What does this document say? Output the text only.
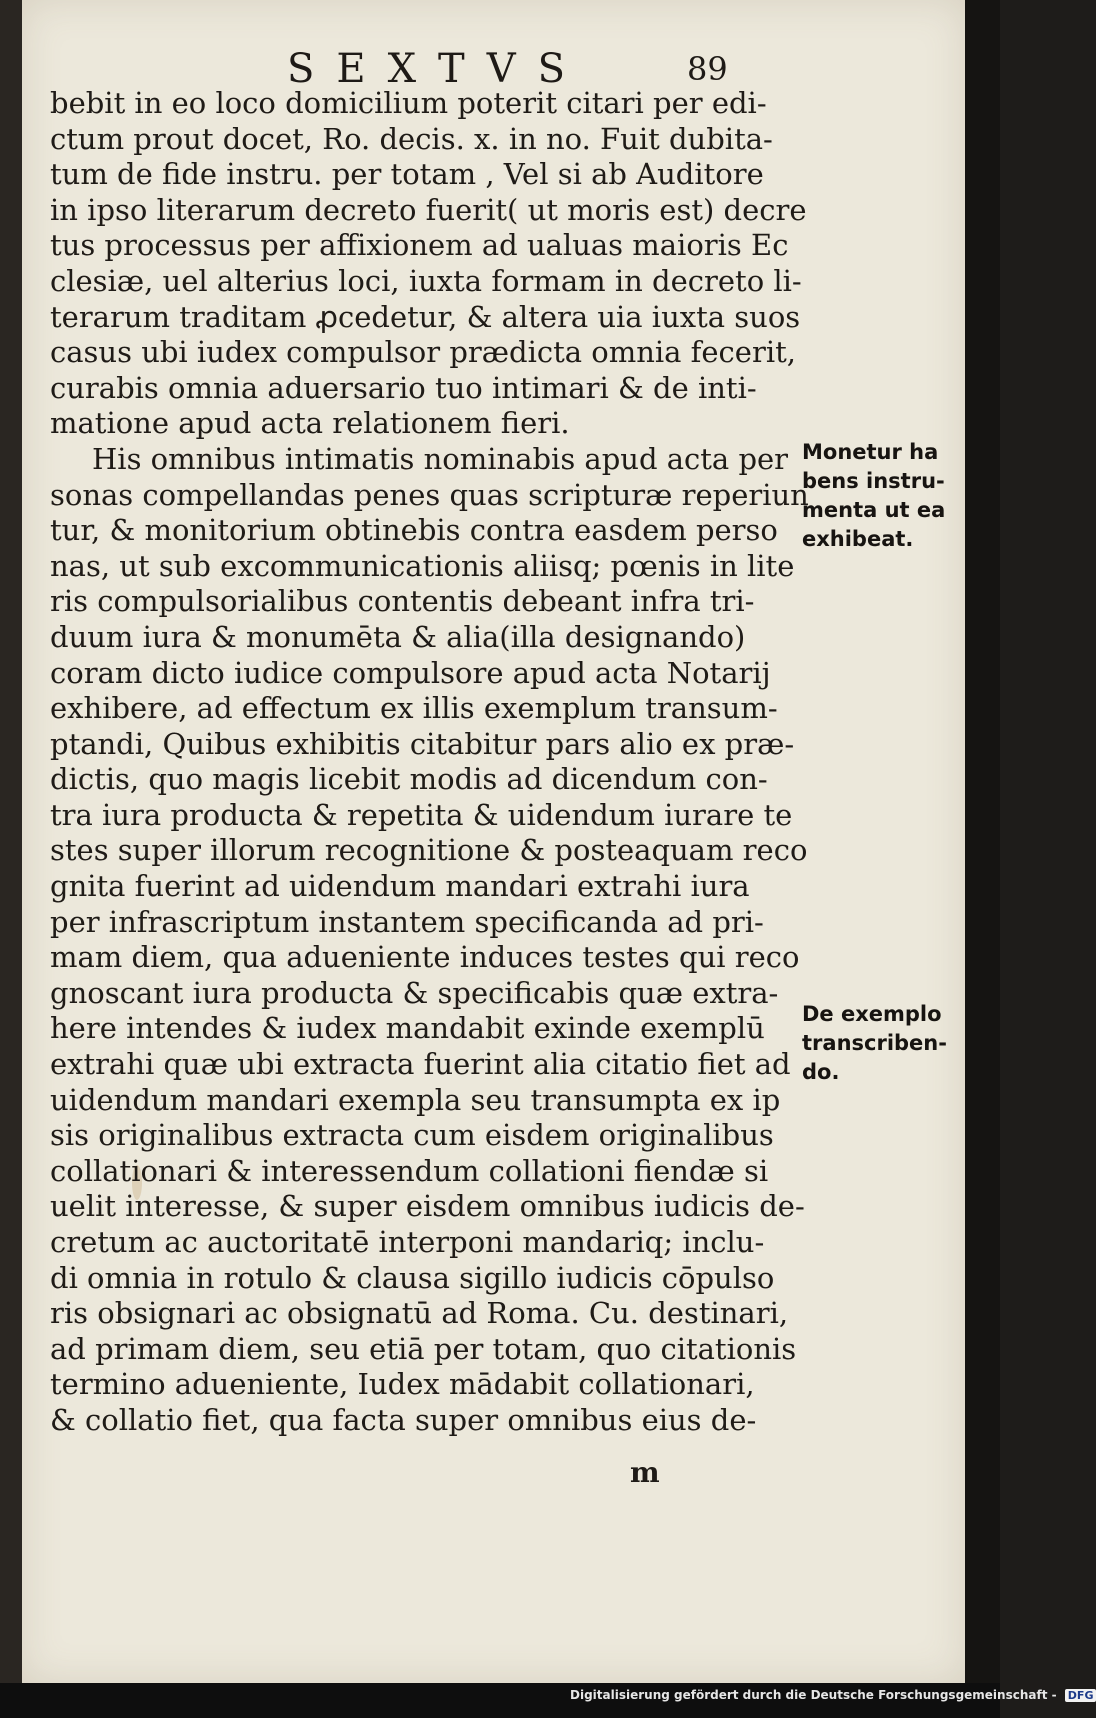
SEXTVS	89
bebit in eo loco domicilium poterit citari per edi-
ctum prout docet, Ro. decis. x. in no. Fuit dubita-
tum de fide instru. per totam , Vel si ab Auditore
in ipso literarum decreto fuerit( ut moris est) decre
tus processus per affixionem ad ualuas maioris Ec
clesiæ, uel alterius loci, iuxta formam in decreto li-
terarum traditam ꝓcedetur, & altera uia iuxta suos
casus ubi iudex compulsor prædicta omnia fecerit,
curabis omnia aduersario tuo intimari & de inti-
matione apud acta relationem fieri.
His omnibus intimatis nominabis apud acta per
sonas compellandas penes quas scripturæ reperiun
tur, & monitorium obtinebis contra easdem perso
nas, ut sub excommunicationis aliisq; pœnis in lite
ris compulsorialibus contentis debeant infra tri-
duum iura & monumēta & alia(illa designando)
coram dicto iudice compulsore apud acta Notarij
exhibere, ad effectum ex illis exemplum transum-
ptandi, Quibus exhibitis citabitur pars alio ex præ-
dictis, quo magis licebit modis ad dicendum con-
tra iura producta & repetita & uidendum iurare te
stes super illorum recognitione & posteaquam reco
gnita fuerint ad uidendum mandari extrahi iura
per infrascriptum instantem specificanda ad pri-
mam diem, qua adueniente induces testes qui reco
gnoscant iura producta & specificabis quæ extra-
here intendes & iudex mandabit exinde exemplū
extrahi quæ ubi extracta fuerint alia citatio fiet ad
uidendum mandari exempla seu transumpta ex ip
sis originalibus extracta cum eisdem originalibus
collationari & interessendum collationi fiendæ si
uelit interesse, & super eisdem omnibus iudicis de-
cretum ac auctoritatē interponi mandariq; inclu-
di omnia in rotulo & clausa sigillo iudicis cōpulso
ris obsignari ac obsignatū ad Roma. Cu. destinari,
ad primam diem, seu etiā per totam, quo citationis
termino adueniente, Iudex mādabit collationari,
& collatio fiet, qua facta super omnibus eius de-
Monetur ha
bens instru-
menta ut ea
exhibeat.
De exemplo
transcriben-
do.
m
Digitalisierung gefördert durch die Deutsche Forschungsgemeinschaft - DFG
